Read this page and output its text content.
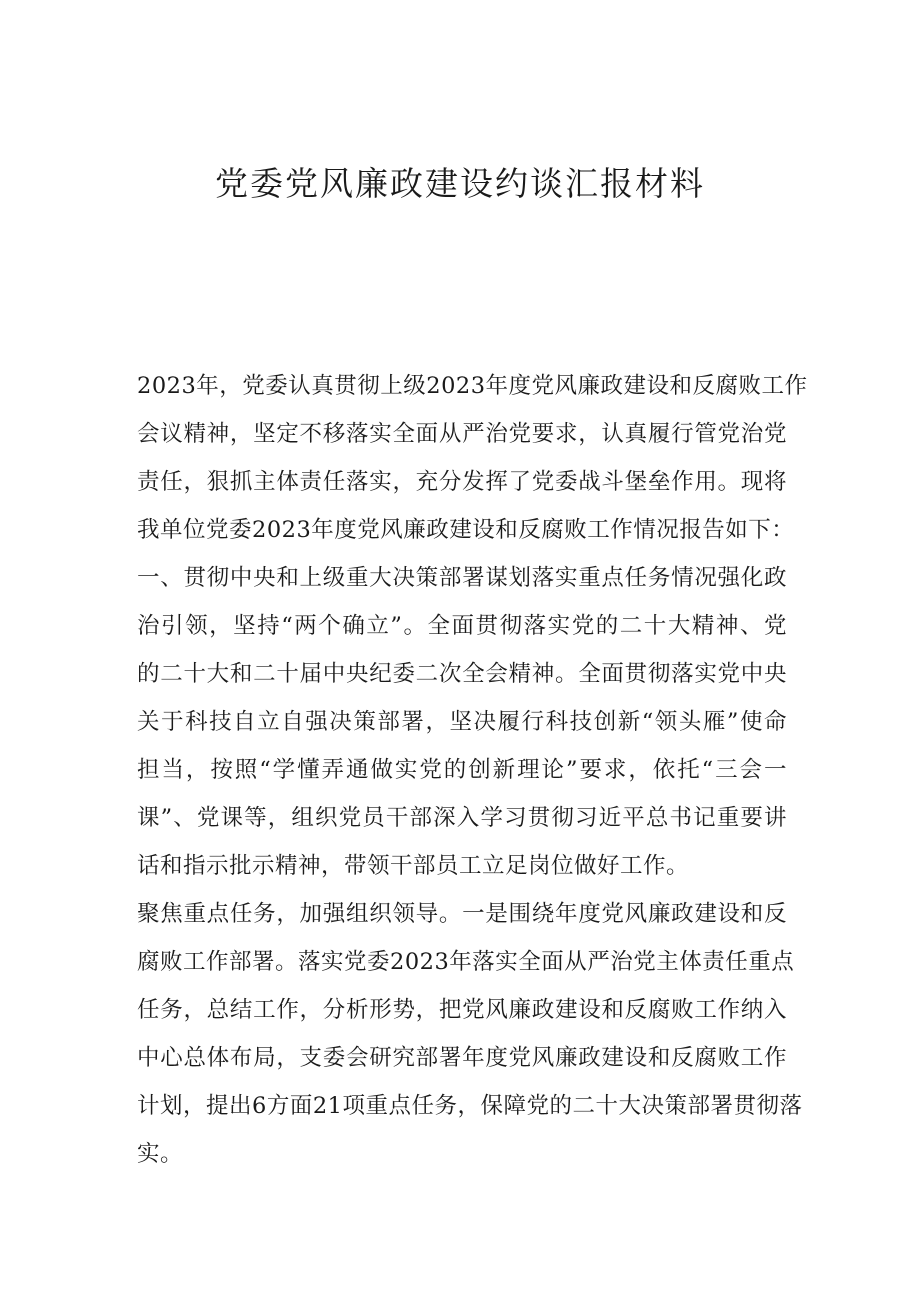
党委党风廉政建设约谈汇报材料
2023年，党委认真贯彻上级2023年度党风廉政建设和反腐败工作
会议精神，坚定不移落实全面从严治党要求，认真履行管党治党
责任，狠抓主体责任落实，充分发挥了党委战斗堡垒作用。现将
我单位党委2023年度党风廉政建设和反腐败工作情况报告如下：
一、贯彻中央和上级重大决策部署谋划落实重点任务情况强化政
治引领，坚持“两个确立”。全面贯彻落实党的二十大精神、党
的二十大和二十届中央纪委二次全会精神。全面贯彻落实党中央
关于科技自立自强决策部署，坚决履行科技创新“领头雁”使命
担当，按照“学懂弄通做实党的创新理论”要求，依托“三会一
课”、党课等，组织党员干部深入学习贯彻习近平总书记重要讲
话和指示批示精神，带领干部员工立足岗位做好工作。
聚焦重点任务，加强组织领导。一是围绕年度党风廉政建设和反
腐败工作部署。落实党委2023年落实全面从严治党主体责任重点
任务，总结工作，分析形势，把党风廉政建设和反腐败工作纳入
中心总体布局，支委会研究部署年度党风廉政建设和反腐败工作
计划，提出6方面21项重点任务，保障党的二十大决策部署贯彻落
实。
